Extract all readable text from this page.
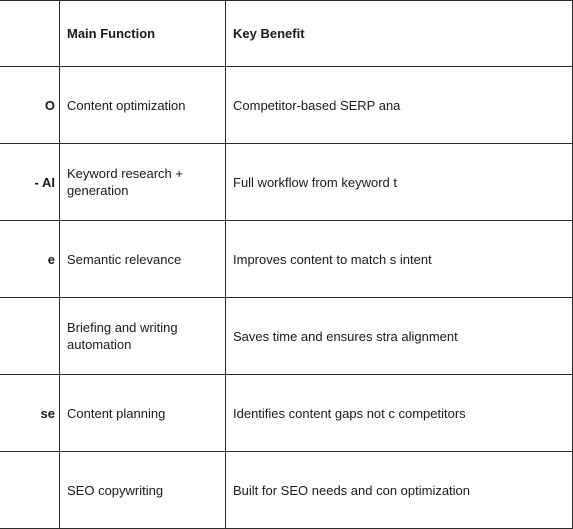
	Main Function	Key Benefit
O	Content optimization	Competitor-based SERP ana
- AI	Keyword research + generation	Full workflow from keyword t
e	Semantic relevance	Improves content to match s intent
	Briefing and writing automation	Saves time and ensures stra alignment
se	Content planning	Identifies content gaps not c competitors
	SEO copywriting	Built for SEO needs and con optimization
